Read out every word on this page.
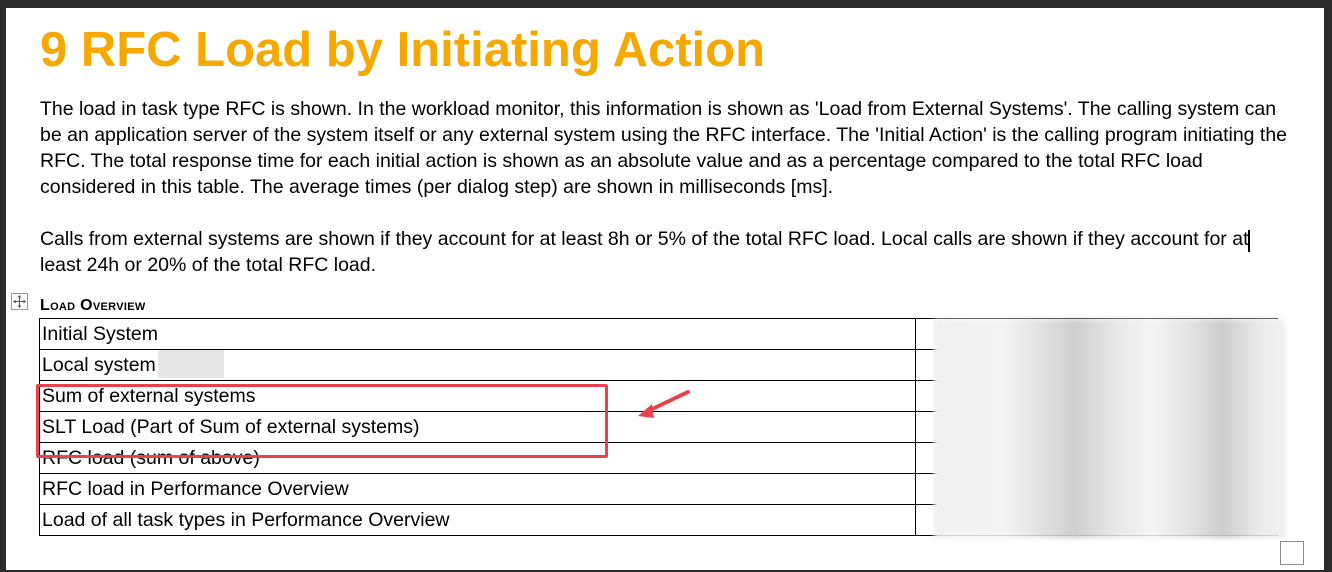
9 RFC Load by Initiating Action

The load in task type RFC is shown. In the workload monitor, this information is shown as 'Load from External Systems'. The calling system can be an application server of the system itself or any external system using the RFC interface. The 'Initial Action' is the calling program initiating the RFC. The total response time for each initial action is shown as an absolute value and as a percentage compared to the total RFC load considered in this table. The average times (per dialog step) are shown in milliseconds [ms].

Calls from external systems are shown if they account for at least 8h or 5% of the total RFC load. Local calls are shown if they account for at least 24h or 20% of the total RFC load.

Load Overview
Initial System	
Local system	
Sum of external systems	
SLT Load (Part of Sum of external systems)	
RFC load (sum of above)	
RFC load in Performance Overview	
Load of all task types in Performance Overview	
